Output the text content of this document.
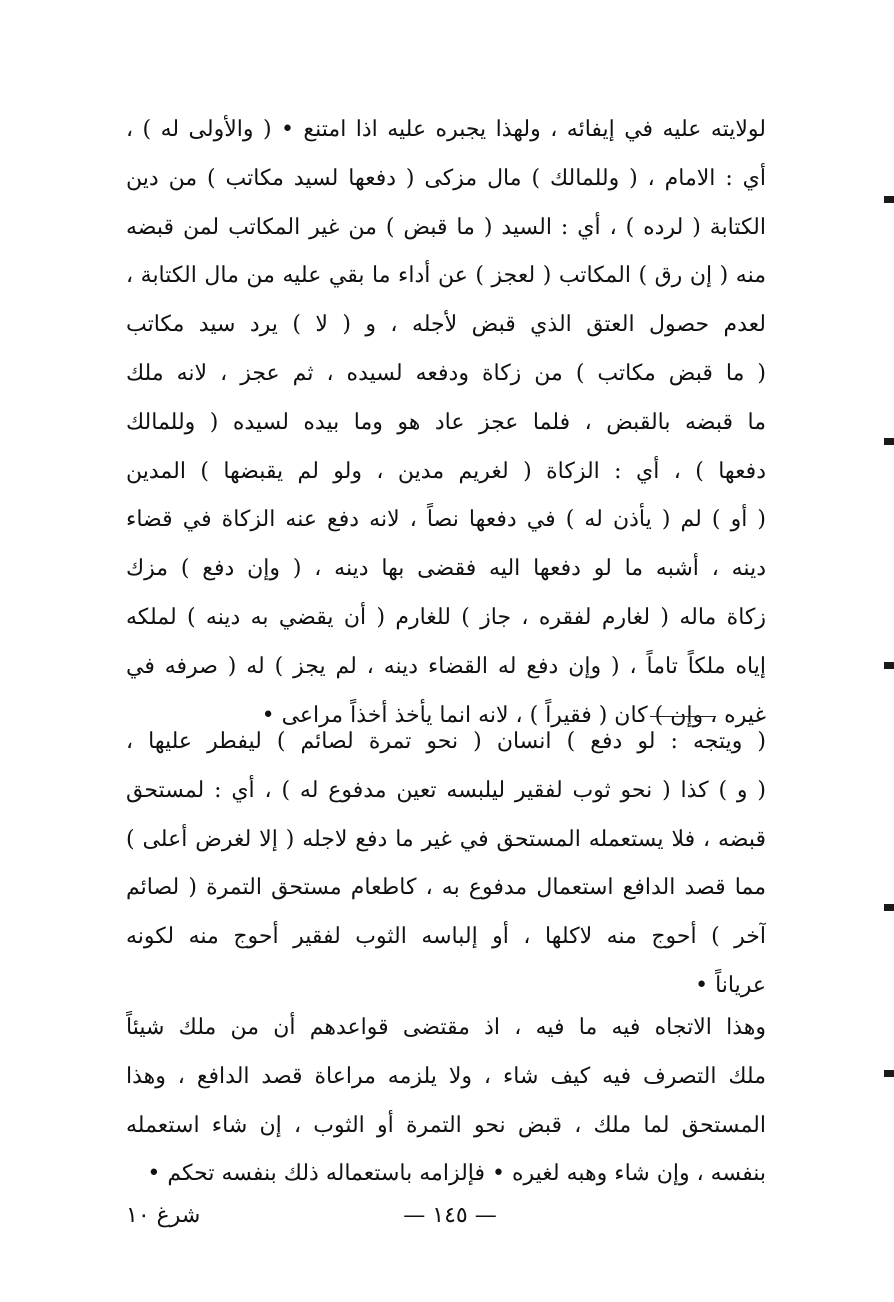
لولايته عليه في إيفائه ، ولهذا يجبره عليه اذا امتنع • ( والأولى له ) ،
أي : الامام ، ( وللمالك ) مال مزكى ( دفعها لسيد مكاتب ) من دين
الكتابة ( لرده ) ، أي : السيد ( ما قبض ) من غير المكاتب لمن قبضه
منه ( إن رق ) المكاتب ( لعجز ) عن أداء ما بقي عليه من مال الكتابة ،
لعدم حصول العتق الذي قبض لأجله ، و ( لا ) يرد سيد مكاتب
( ما قبض مكاتب ) من زكاة ودفعه لسيده ، ثم عجز ، لانه ملك
ما قبضه بالقبض ، فلما عجز عاد هو وما بيده لسيده ( وللمالك
دفعها ) ، أي : الزكاة ( لغريم مدين ، ولو لم يقبضها ) المدين
( أو ) لم ( يأذن له ) في دفعها نصاً ، لانه دفع عنه الزكاة في قضاء
دينه ، أشبه ما لو دفعها اليه فقضى بها دينه ، ( وإن دفع ) مزك
زكاة ماله ( لغارم لفقره ، جاز ) للغارم ( أن يقضي به دينه ) لملكه
إياه ملكاً تاماً ، ( وإن دفع له القضاء دينه ، لم يجز ) له ( صرفه في
غيره ، وإن ) كان ( فقيراً ) ، لانه انما يأخذ أخذاً مراعى •
( ويتجه : لو دفع ) انسان ( نحو تمرة لصائم ) ليفطر عليها ،
( و ) كذا ( نحو ثوب لفقير ليلبسه تعين مدفوع له ) ، أي : لمستحق
قبضه ، فلا يستعمله المستحق في غير ما دفع لاجله ( إلا لغرض أعلى )
مما قصد الدافع استعمال مدفوع به ، كاطعام مستحق التمرة ( لصائم
آخر ) أحوج منه لاكلها ، أو إلباسه الثوب لفقير أحوج منه لكونه
عرياناً •
وهذا الاتجاه فيه ما فيه ، اذ مقتضى قواعدهم أن من ملك شيئاً
ملك التصرف فيه كيف شاء ، ولا يلزمه مراعاة قصد الدافع ، وهذا
المستحق لما ملك ، قبض نحو التمرة أو الثوب ، إن شاء استعمله
بنفسه ، وإن شاء وهبه لغيره • فإلزامه باستعماله ذلك بنفسه تحكم •
— ١٤٥ —
شرغ ١٠
